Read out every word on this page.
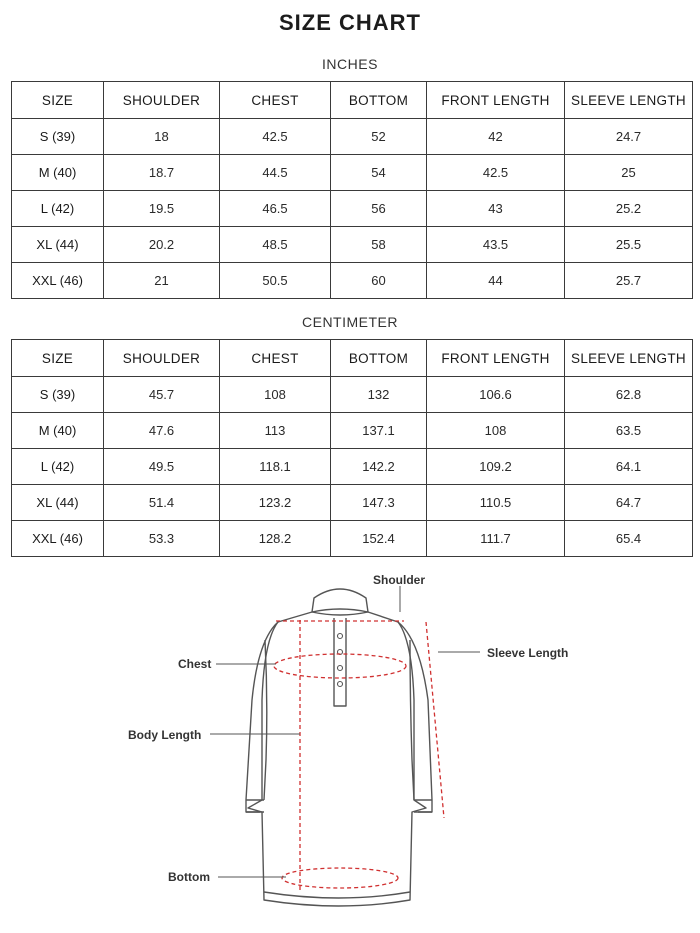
SIZE CHART
INCHES
SIZE	SHOULDER	CHEST	BOTTOM	FRONT LENGTH	SLEEVE LENGTH
S (39)	18	42.5	52	42	24.7
M (40)	18.7	44.5	54	42.5	25
L (42)	19.5	46.5	56	43	25.2
XL (44)	20.2	48.5	58	43.5	25.5
XXL (46)	21	50.5	60	44	25.7
CENTIMETER
SIZE	SHOULDER	CHEST	BOTTOM	FRONT LENGTH	SLEEVE LENGTH
S (39)	45.7	108	132	106.6	62.8
M (40)	47.6	113	137.1	108	63.5
L (42)	49.5	118.1	142.2	109.2	64.1
XL (44)	51.4	123.2	147.3	110.5	64.7
XXL (46)	53.3	128.2	152.4	111.7	65.4
Shoulder
Sleeve Length
Chest
Body Length
Bottom
